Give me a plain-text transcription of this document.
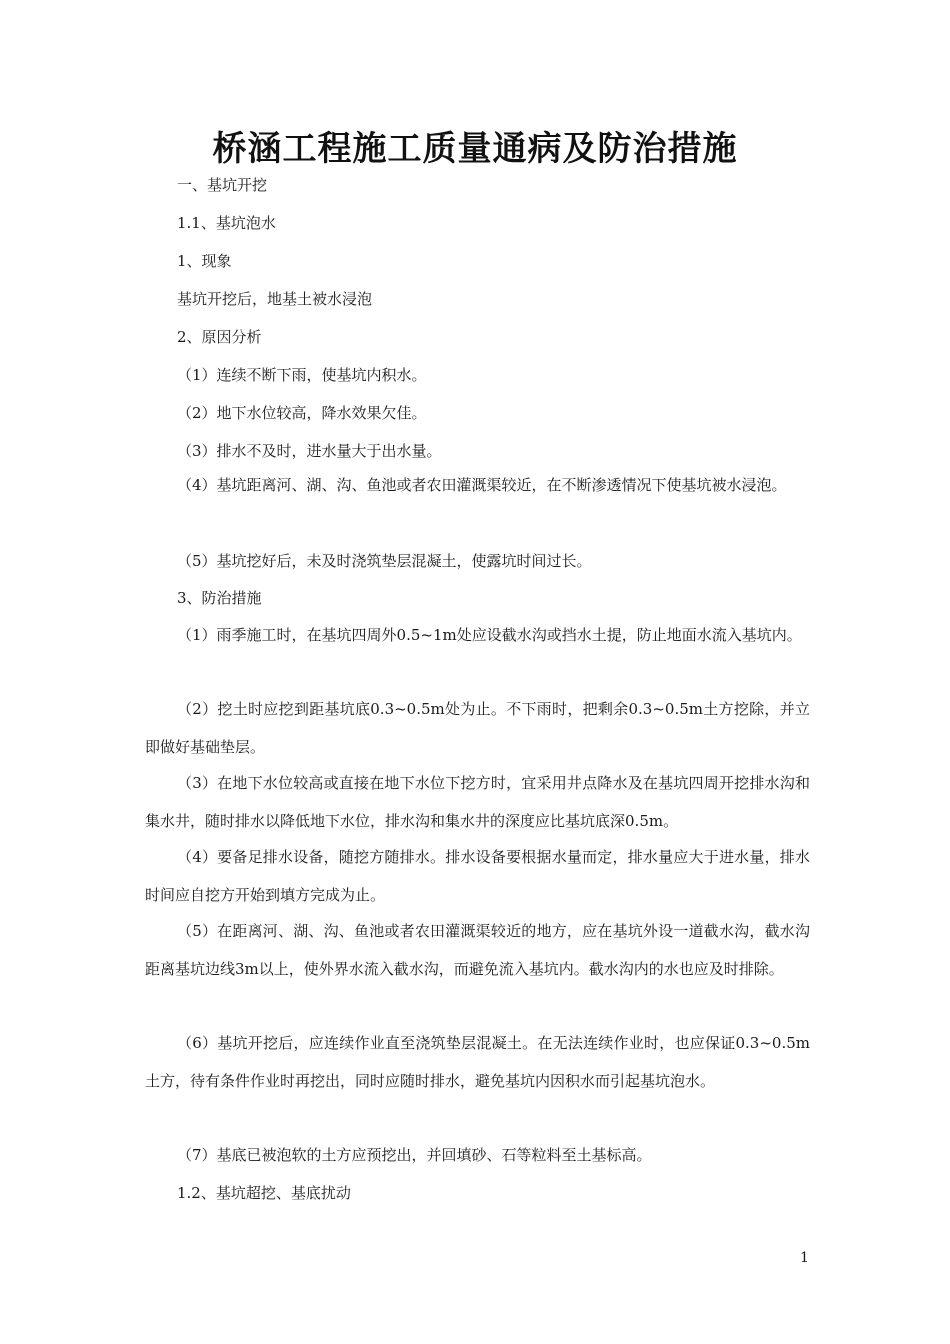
桥涵工程施工质量通病及防治措施

一、基坑开挖

1.1、基坑泡水

1、现象

基坑开挖后，地基土被水浸泡

2、原因分析

（1）连续不断下雨，使基坑内积水。

（2）地下水位较高，降水效果欠佳。

（3）排水不及时，进水量大于出水量。

（4）基坑距离河、湖、沟、鱼池或者农田灌溉渠较近，在不断渗透情况下使基坑被水浸泡。

（5）基坑挖好后，未及时浇筑垫层混凝土，使露坑时间过长。

3、防治措施

（1）雨季施工时，在基坑四周外0.5~1m处应设截水沟或挡水土提，防止地面水流入基坑内。

（2）挖土时应挖到距基坑底0.3~0.5m处为止。不下雨时，把剩余0.3~0.5m土方挖除，并立即做好基础垫层。

（3）在地下水位较高或直接在地下水位下挖方时，宜采用井点降水及在基坑四周开挖排水沟和集水井，随时排水以降低地下水位，排水沟和集水井的深度应比基坑底深0.5m。

（4）要备足排水设备，随挖方随排水。排水设备要根据水量而定，排水量应大于进水量，排水时间应自挖方开始到填方完成为止。

（5）在距离河、湖、沟、鱼池或者农田灌溉渠较近的地方，应在基坑外设一道截水沟，截水沟距离基坑边线3m以上，使外界水流入截水沟，而避免流入基坑内。截水沟内的水也应及时排除。

（6）基坑开挖后，应连续作业直至浇筑垫层混凝土。在无法连续作业时，也应保证0.3~0.5m土方，待有条件作业时再挖出，同时应随时排水，避免基坑内因积水而引起基坑泡水。

（7）基底已被泡软的土方应预挖出，并回填砂、石等粒料至土基标高。

1.2、基坑超挖、基底扰动

1
